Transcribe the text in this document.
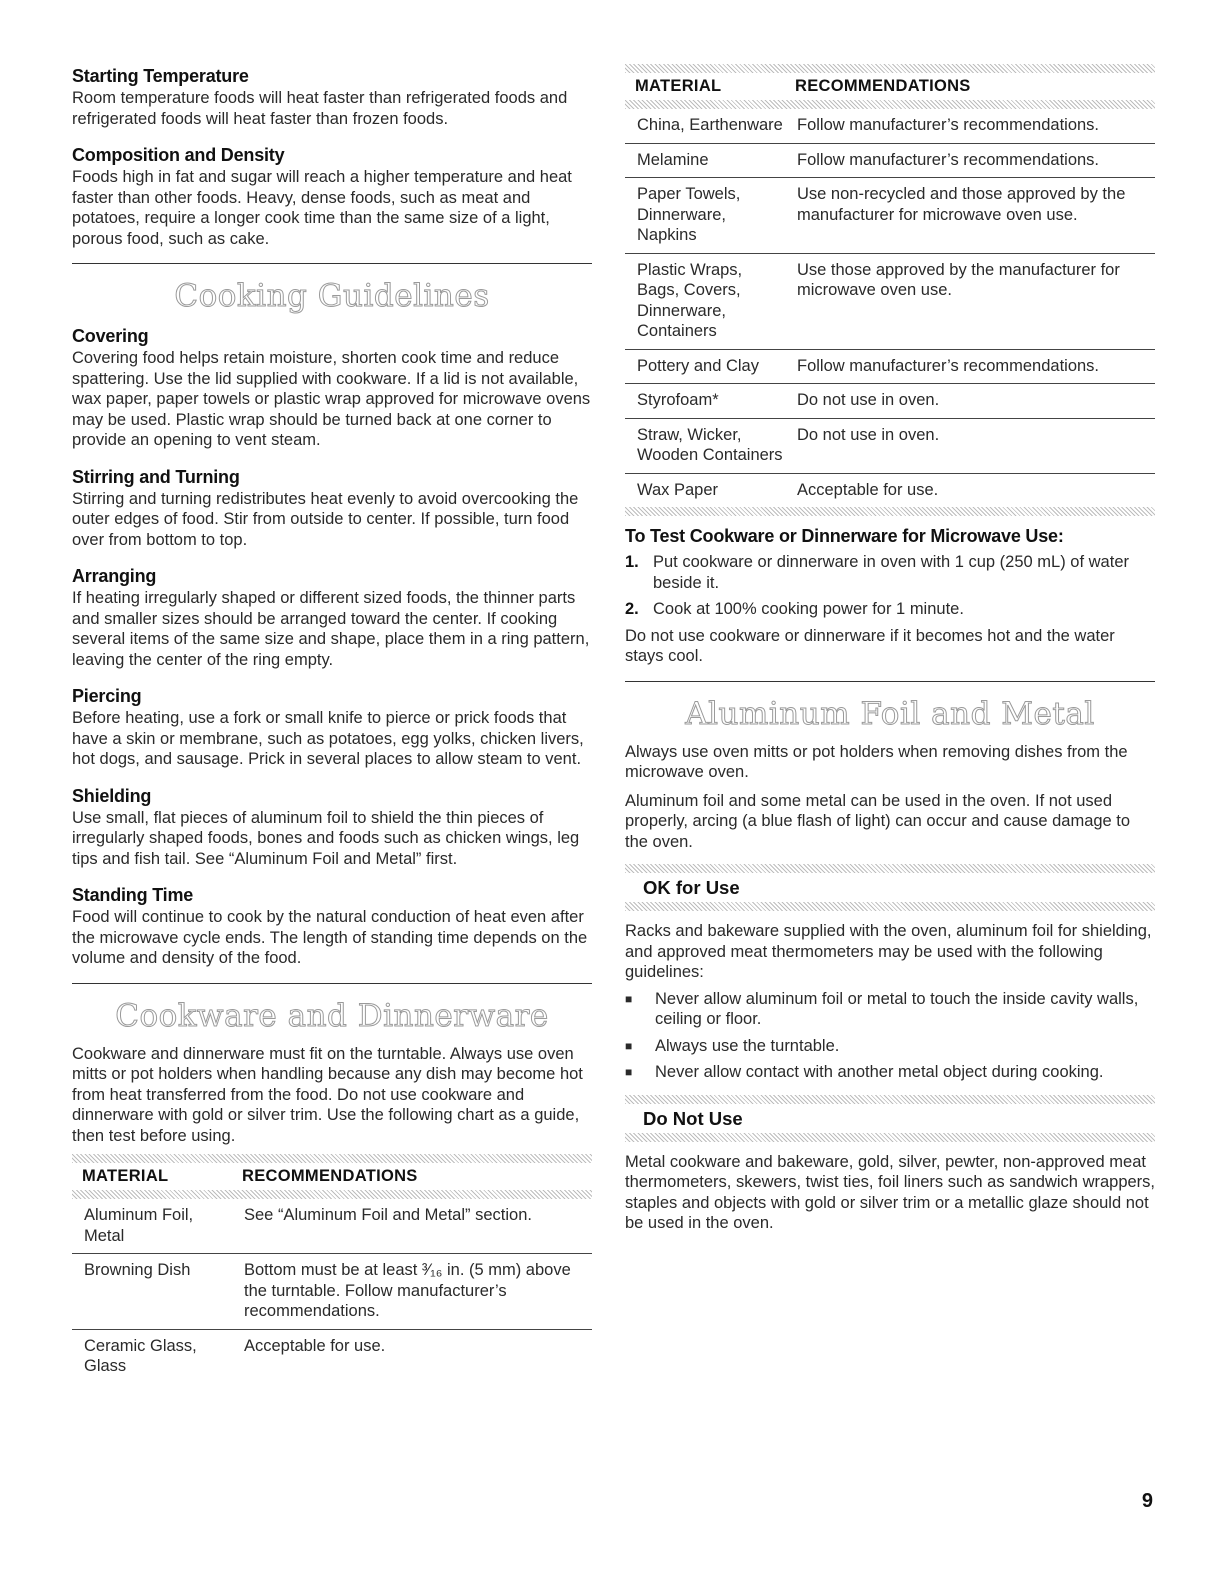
Starting Temperature

Room temperature foods will heat faster than refrigerated foods and refrigerated foods will heat faster than frozen foods.

Composition and Density

Foods high in fat and sugar will reach a higher temperature and heat faster than other foods. Heavy, dense foods, such as meat and potatoes, require a longer cook time than the same size of a light, porous food, such as cake.

Cooking Guidelines
Covering

Covering food helps retain moisture, shorten cook time and reduce spattering. Use the lid supplied with cookware. If a lid is not available, wax paper, paper towels or plastic wrap approved for microwave ovens may be used. Plastic wrap should be turned back at one corner to provide an opening to vent steam.

Stirring and Turning

Stirring and turning redistributes heat evenly to avoid overcooking the outer edges of food. Stir from outside to center. If possible, turn food over from bottom to top.

Arranging

If heating irregularly shaped or different sized foods, the thinner parts and smaller sizes should be arranged toward the center. If cooking several items of the same size and shape, place them in a ring pattern, leaving the center of the ring empty.

Piercing

Before heating, use a fork or small knife to pierce or prick foods that have a skin or membrane, such as potatoes, egg yolks, chicken livers, hot dogs, and sausage. Prick in several places to allow steam to vent.

Shielding

Use small, flat pieces of aluminum foil to shield the thin pieces of irregularly shaped foods, bones and foods such as chicken wings, leg tips and fish tail. See “Aluminum Foil and Metal” first.

Standing Time

Food will continue to cook by the natural conduction of heat even after the microwave cycle ends. The length of standing time depends on the volume and density of the food.

Cookware and Dinnerware

Cookware and dinnerware must fit on the turntable. Always use oven mitts or pot holders when handling because any dish may become hot from heat transferred from the food. Do not use cookware and dinnerware with gold or silver trim. Use the following chart as a guide, then test before using.

MATERIAL	RECOMMENDATIONS

Aluminum Foil, Metal	See “Aluminum Foil and Metal” section.
Browning Dish	Bottom must be at least ³⁄₁₆ in. (5 mm) above the turntable. Follow manufacturer’s recommendations.
Ceramic Glass, Glass	Acceptable for use.
MATERIAL	RECOMMENDATIONS

China, Earthenware	Follow manufacturer’s recommendations.
Melamine	Follow manufacturer’s recommendations.
Paper Towels, Dinnerware, Napkins	Use non-recycled and those approved by the manufacturer for microwave oven use.
Plastic Wraps, Bags, Covers, Dinnerware, Containers	Use those approved by the manufacturer for microwave oven use.
Pottery and Clay	Follow manufacturer’s recommendations.
Styrofoam*	Do not use in oven.
Straw, Wicker, Wooden Containers	Do not use in oven.
Wax Paper	Acceptable for use.
To Test Cookware or Dinnerware for Microwave Use:
1. Put cookware or dinnerware in oven with 1 cup (250 mL) of water beside it.
2. Cook at 100% cooking power for 1 minute.

Do not use cookware or dinnerware if it becomes hot and the water stays cool.

Aluminum Foil and Metal

Always use oven mitts or pot holders when removing dishes from the microwave oven.

Aluminum foil and some metal can be used in the oven. If not used properly, arcing (a blue flash of light) can occur and cause damage to the oven.

OK for Use

Racks and bakeware supplied with the oven, aluminum foil for shielding, and approved meat thermometers may be used with the following guidelines:

■	Never allow aluminum foil or metal to touch the inside cavity walls, ceiling or floor.
■	Always use the turntable.
■	Never allow contact with another metal object during cooking.
Do Not Use

Metal cookware and bakeware, gold, silver, pewter, non-approved meat thermometers, skewers, twist ties, foil liners such as sandwich wrappers, staples and objects with gold or silver trim or a metallic glaze should not be used in the oven.

9
